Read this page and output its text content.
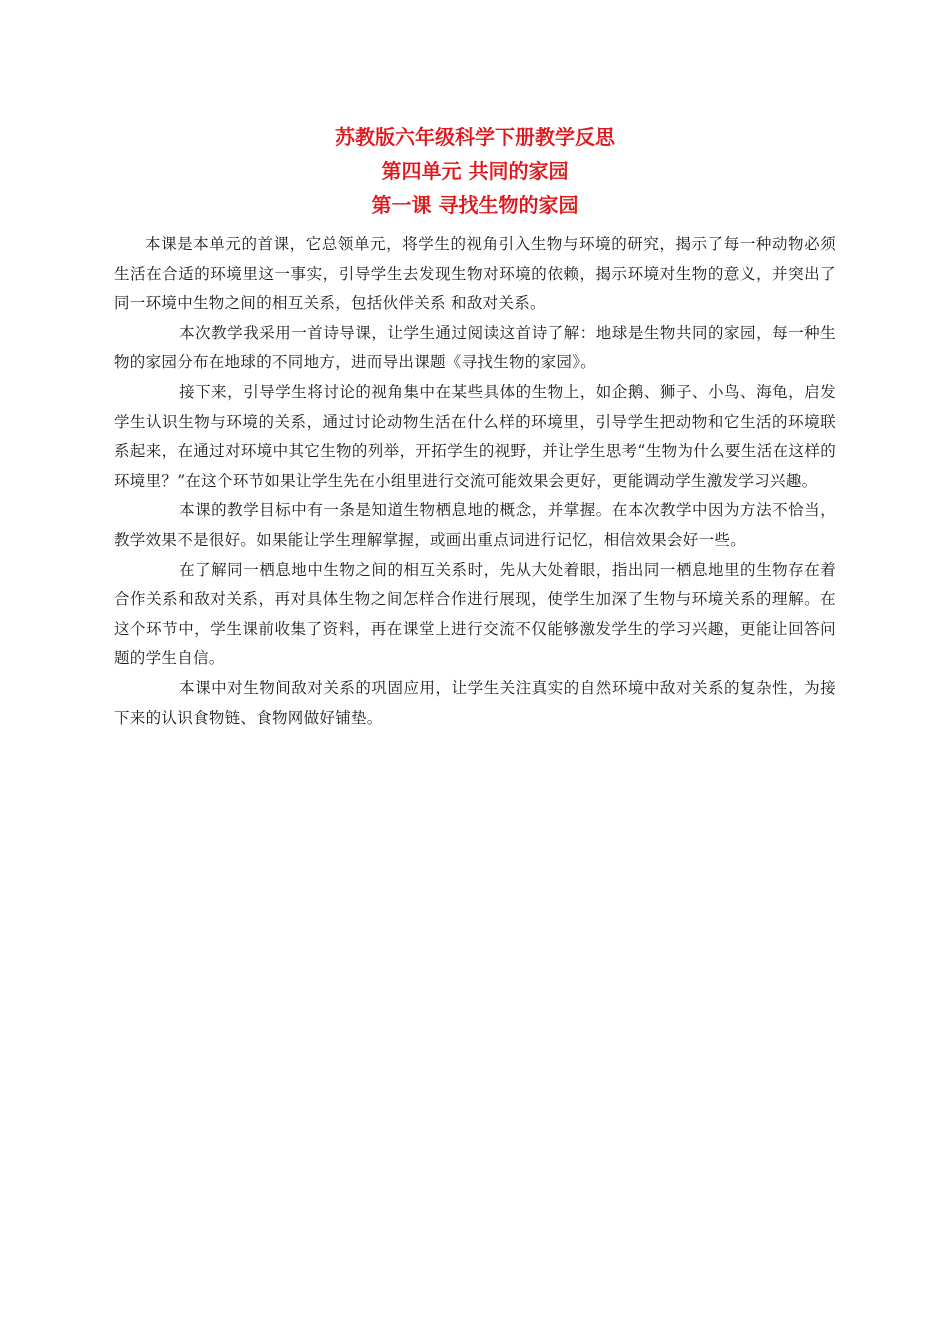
苏教版六年级科学下册教学反思
第四单元 共同的家园
第一课 寻找生物的家园

本课是本单元的首课，它总领单元，将学生的视角引入生物与环境的研究，揭示了每一种动物必须生活在合适的环境里这一事实，引导学生去发现生物对环境的依赖，揭示环境对生物的意义，并突出了同一环境中生物之间的相互关系，包括伙伴关系 和敌对关系。

本次教学我采用一首诗导课，让学生通过阅读这首诗了解：地球是生物共同的家园，每一种生物的家园分布在地球的不同地方，进而导出课题《寻找生物的家园》。

接下来，引导学生将讨论的视角集中在某些具体的生物上，如企鹅、狮子、小鸟、海龟，启发学生认识生物与环境的关系，通过讨论动物生活在什么样的环境里，引导学生把动物和它生活的环境联系起来，在通过对环境中其它生物的列举，开拓学生的视野，并让学生思考“生物为什么要生活在这样的环境里？”在这个环节如果让学生先在小组里进行交流可能效果会更好，更能调动学生激发学习兴趣。

本课的教学目标中有一条是知道生物栖息地的概念，并掌握。在本次教学中因为方法不恰当，教学效果不是很好。如果能让学生理解掌握，或画出重点词进行记忆，相信效果会好一些。

在了解同一栖息地中生物之间的相互关系时，先从大处着眼，指出同一栖息地里的生物存在着合作关系和敌对关系，再对具体生物之间怎样合作进行展现，使学生加深了生物与环境关系的理解。在这个环节中，学生课前收集了资料，再在课堂上进行交流不仅能够激发学生的学习兴趣，更能让回答问题的学生自信。

本课中对生物间敌对关系的巩固应用，让学生关注真实的自然环境中敌对关系的复杂性，为接下来的认识食物链、食物网做好铺垫。
